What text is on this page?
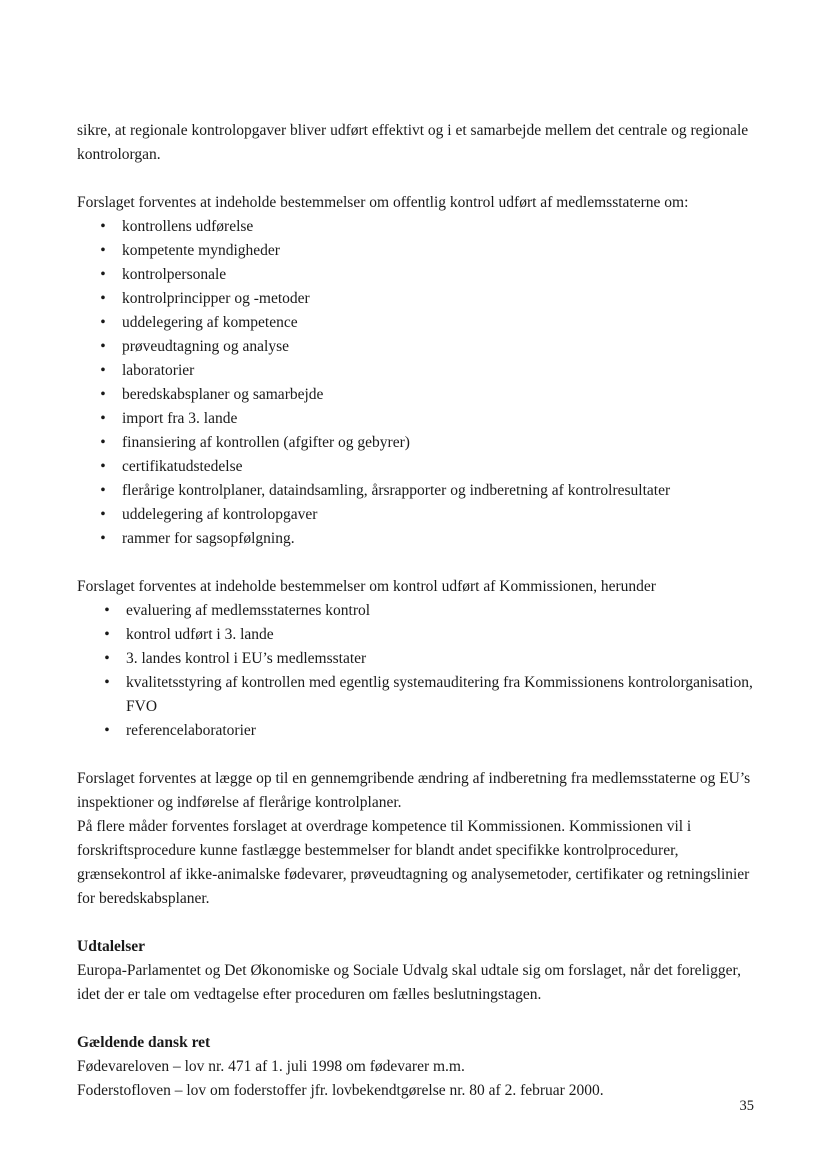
sikre, at regionale kontrolopgaver bliver udført effektivt og i et samarbejde mellem det centrale og regionale kontrolorgan.

Forslaget forventes at indeholde bestemmelser om offentlig kontrol udført af medlemsstaterne om:

• kontrollens udførelse
• kompetente myndigheder
• kontrolpersonale
• kontrolprincipper og -metoder
• uddelegering af kompetence
• prøveudtagning og analyse
• laboratorier
• beredskabsplaner og samarbejde
• import fra 3. lande
• finansiering af kontrollen (afgifter og gebyrer)
• certifikatudstedelse
• flerårige kontrolplaner, dataindsamling, årsrapporter og indberetning af kontrolresultater
• uddelegering af kontrolopgaver
• rammer for sagsopfølgning.

Forslaget forventes at indeholde bestemmelser om kontrol udført af Kommissionen, herunder

• evaluering af medlemsstaternes kontrol
• kontrol udført i 3. lande
• 3. landes kontrol i EU’s medlemsstater
• kvalitetsstyring af kontrollen med egentlig systemauditering fra Kommissionens kontrolorganisation, FVO
• referencelaboratorier

Forslaget forventes at lægge op til en gennemgribende ændring af indberetning fra medlemsstaterne og EU’s inspektioner og indførelse af flerårige kontrolplaner.

På flere måder forventes forslaget at overdrage kompetence til Kommissionen. Kommissionen vil i forskriftsprocedure kunne fastlægge bestemmelser for blandt andet specifikke kontrolprocedurer, grænsekontrol af ikke-animalske fødevarer, prøveudtagning og analysemetoder, certifikater og retningslinier for beredskabsplaner.

Udtalelser

Europa-Parlamentet og Det Økonomiske og Sociale Udvalg skal udtale sig om forslaget, når det foreligger, idet der er tale om vedtagelse efter proceduren om fælles beslutningstagen.

Gældende dansk ret

Fødevareloven – lov nr. 471 af 1. juli 1998 om fødevarer m.m.

Foderstofloven – lov om foderstoffer jfr. lovbekendtgørelse nr. 80 af 2. februar 2000.

35
